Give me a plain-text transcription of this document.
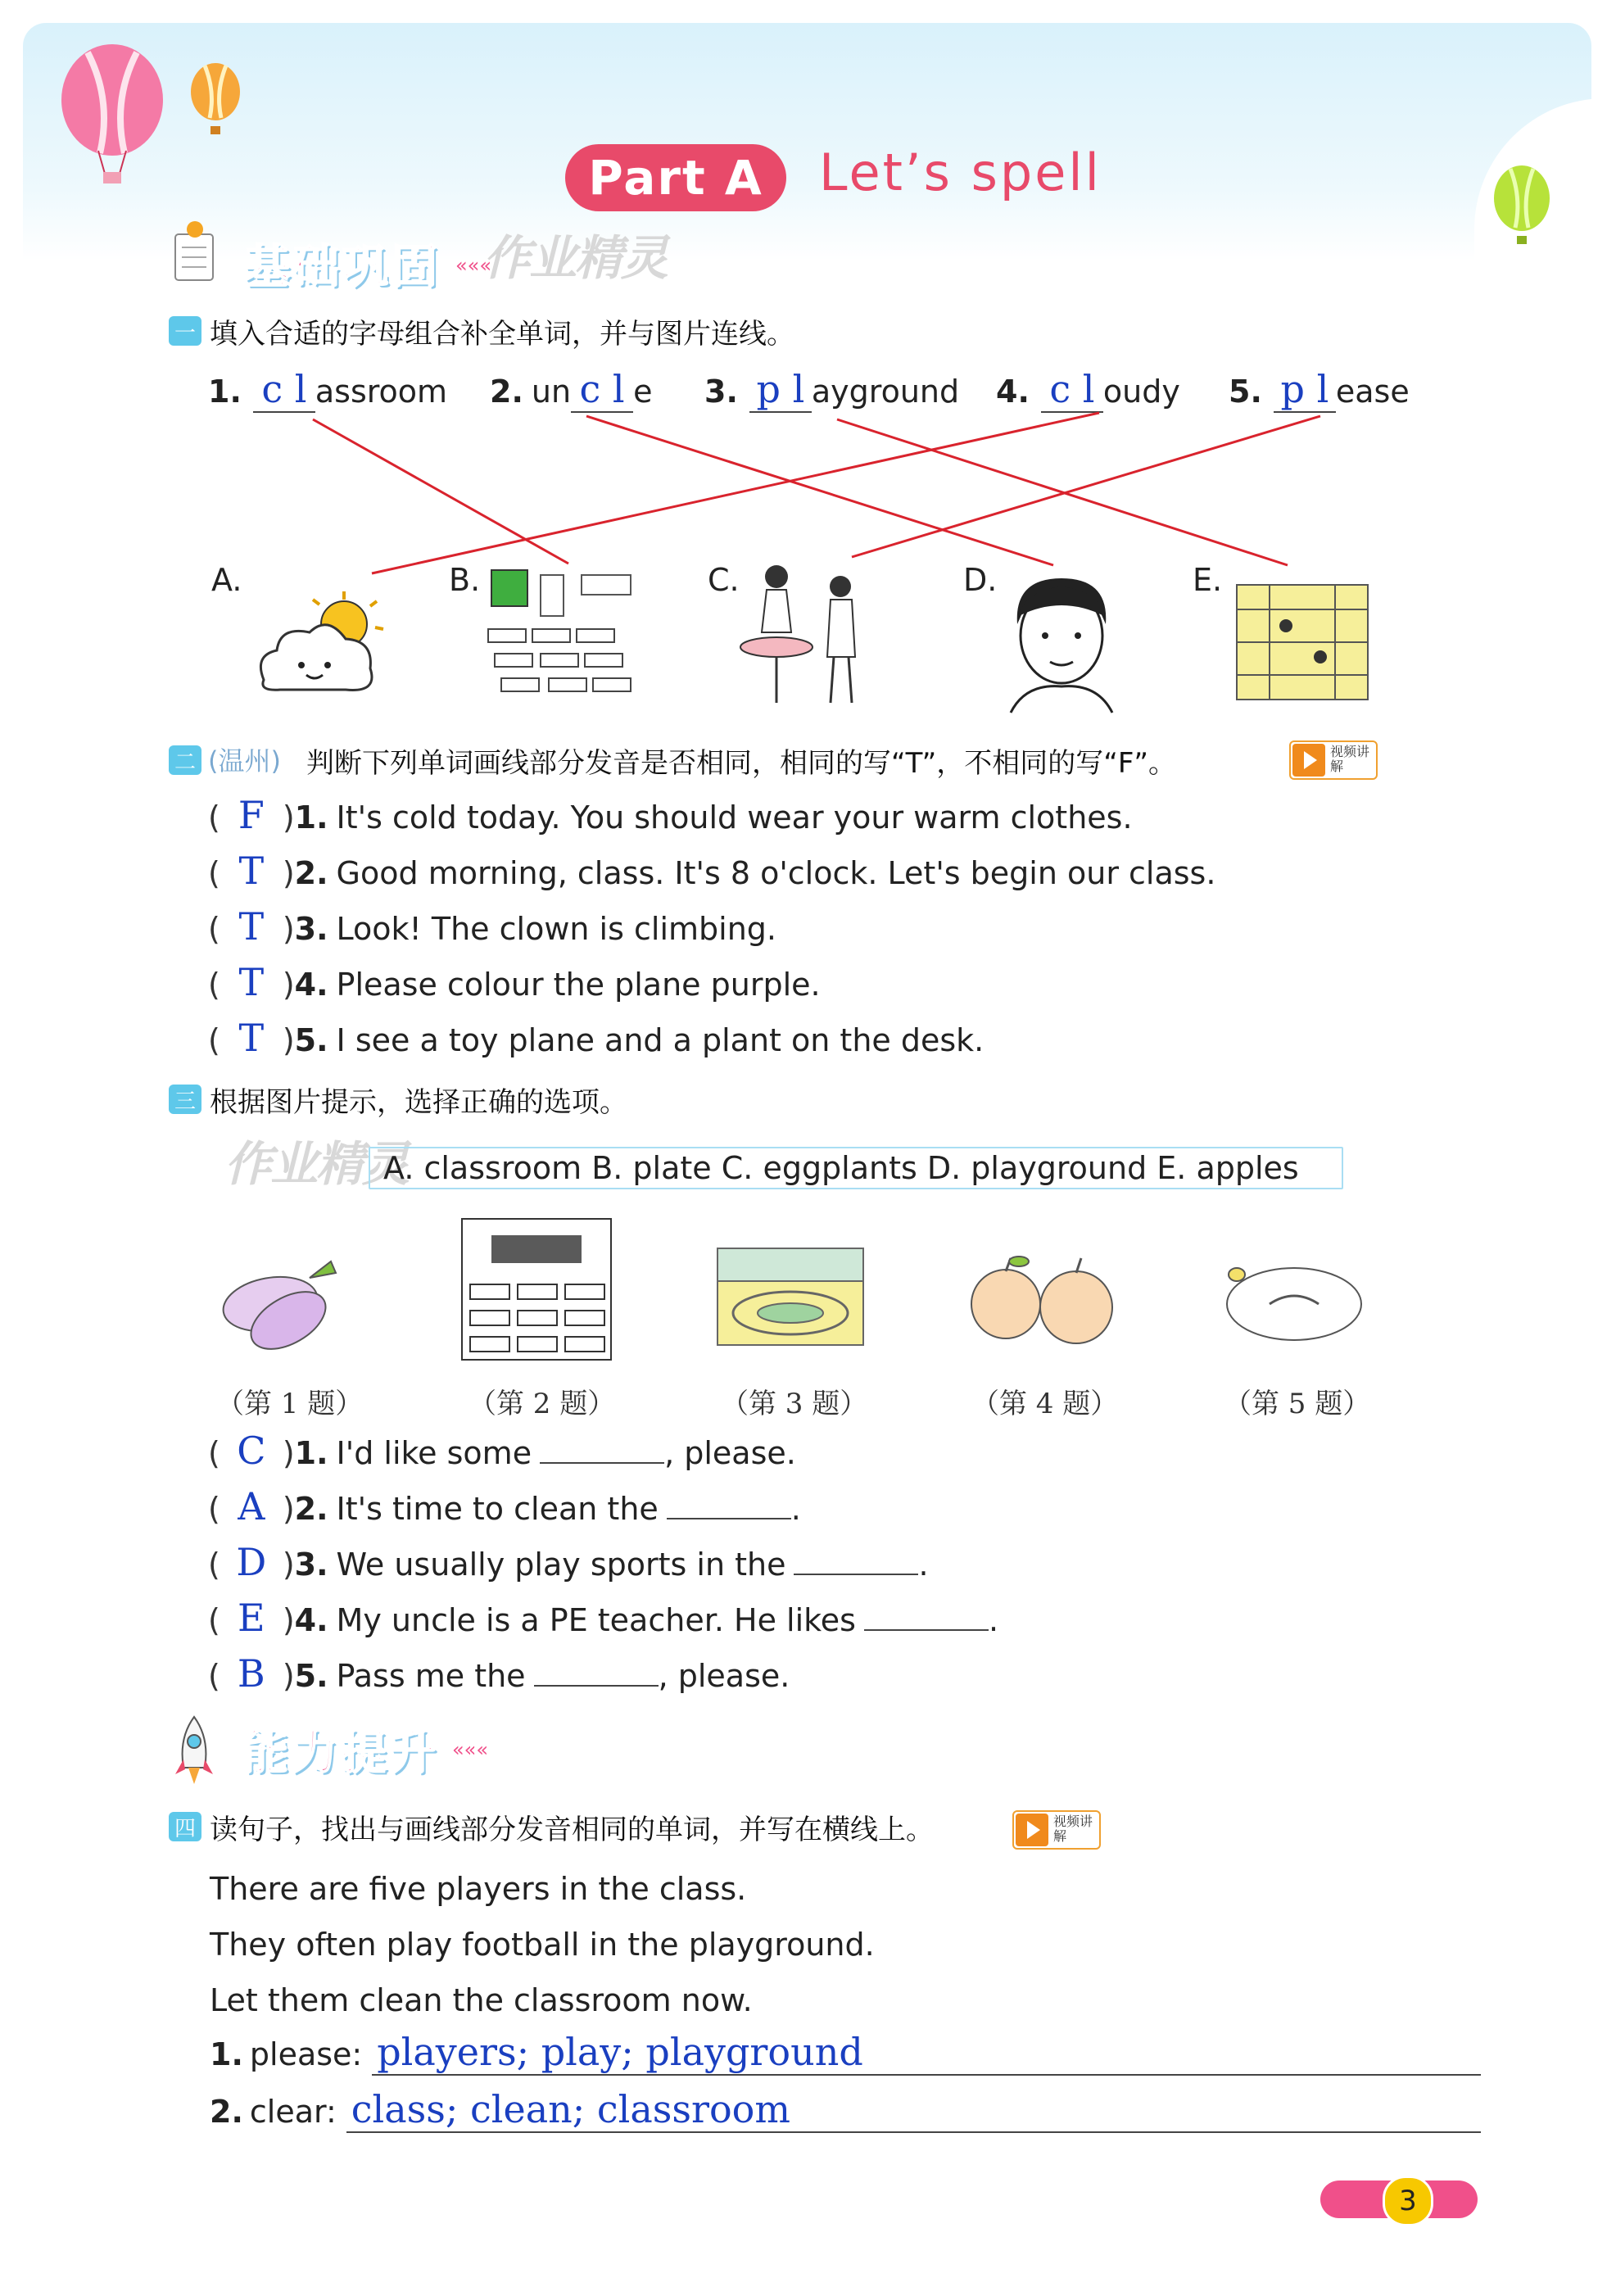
Part A	Let’s spell
基础巩固 «««
作业精灵
一 填入合适的字母组合补全单词，并与图片连线。
1. c l assroom 2. un c l e 3. p l ayground 4. c l oudy 5. p l ease
A.	B.	C.	D.	E.
二 (温州) 判断下列单词画线部分发音是否相同，相同的写“T”，不相同的写“F”。	视频讲解
( F ) 1. It's cold today. You should wear your warm clothes.
( T ) 2. Good morning, class. It's 8 o'clock. Let's begin our class.
( T ) 3. Look! The clown is climbing.
( T ) 4. Please colour the plane purple.
( T ) 5. I see a toy plane and a plant on the desk.
三 根据图片提示，选择正确的选项。
作业精灵
A. classroom B. plate C. eggplants D. playground E. apples
（第 1 题）	（第 2 题）	（第 3 题）	（第 4 题）	（第 5 题）
( C ) 1. I'd like some	, please.
( A ) 2. It's time to clean the	.
( D ) 3. We usually play sports in the	.
( E ) 4. My uncle is a PE teacher. He likes	.
( B ) 5. Pass me the	, please.
能力提升 «««
四 读句子，找出与画线部分发音相同的单词，并写在横线上。	视频讲解
There are five players in the class.
They often play football in the playground.
Let them clean the classroom now.
1. please: players; play; playground
2. clear: class; clean; classroom
3
